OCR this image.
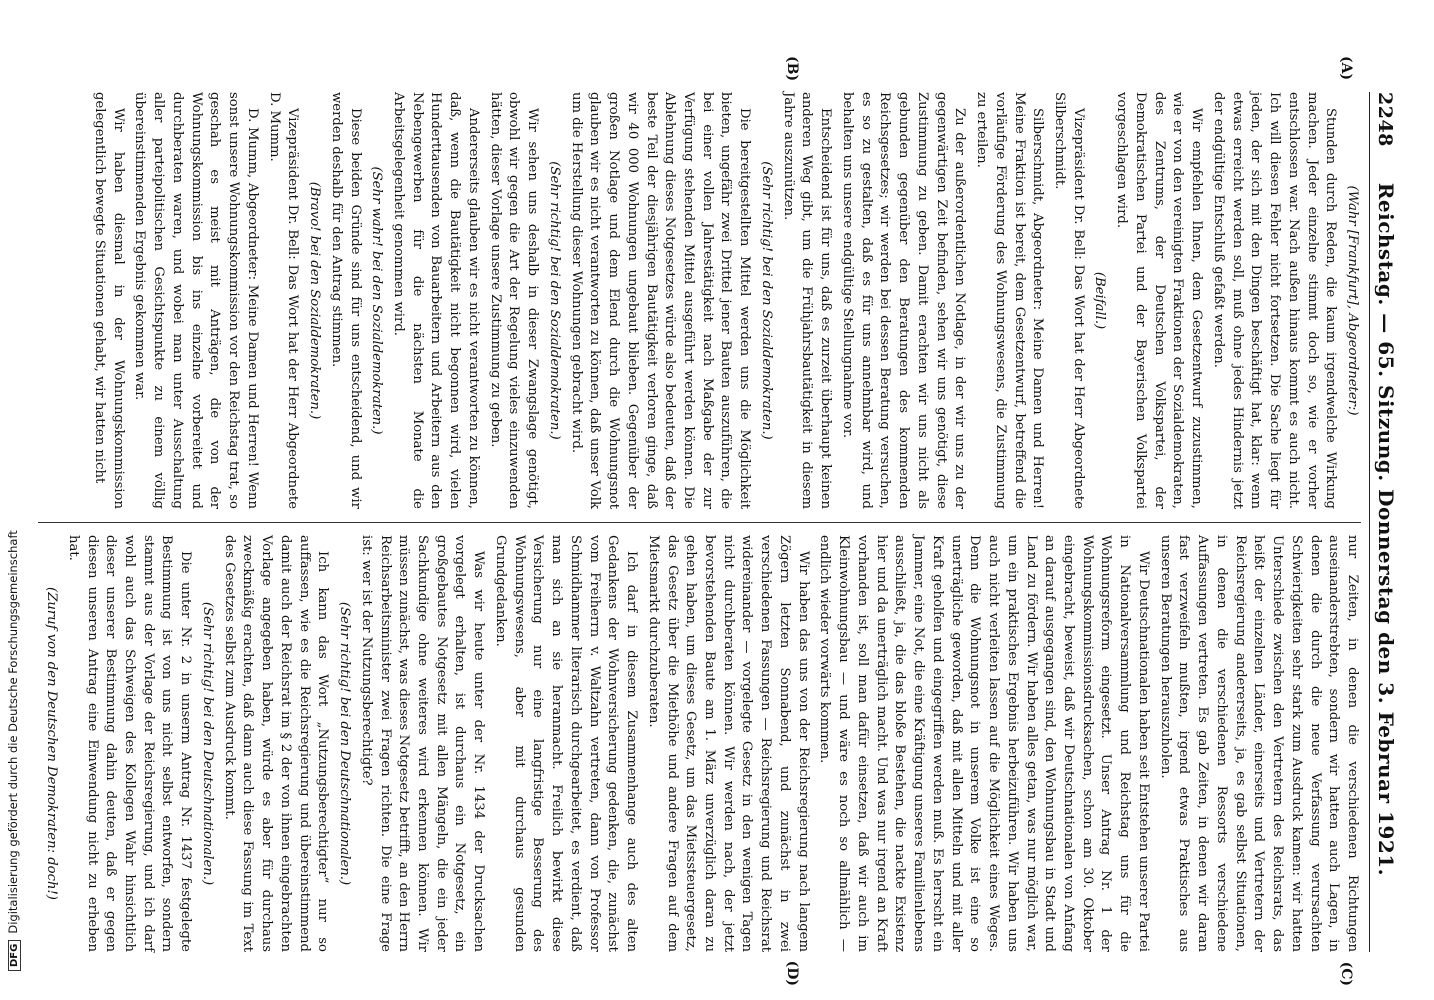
2248
Reichstag. — 65. Sitzung. Donnerstag den 3. Februar 1921.
(A)
(B)

(Wahr [Frankfurt], Abgeordneter:)

Stunden durch Reden, die kaum irgendwelche Wirkung machen. Jeder einzelne stimmt doch so, wie er vorher entschlossen war. Nach außen hinaus kommt es auch nicht. Ich will diesen Fehler nicht fortsetzen. Die Sache liegt für jeden, der sich mit den Dingen beschäftigt hat, klar: wenn etwas erreicht werden soll, muß ohne jedes Hindernis jetzt der endgültige Entschluß gefaßt werden.

Wir empfehlen Ihnen, dem Gesetzentwurf zuzustimmen, wie er von den vereinigten Fraktionen der Sozialdemokraten, des Zentrums, der Deutschen Volkspartei, der Demokratischen Partei und der Bayerischen Volkspartei vorgeschlagen wird.

(Beifall.)

Vizepräsident Dr. Bell: Das Wort hat der Herr Abgeordnete Silberschmidt.

Silberschmidt, Abgeordneter: Meine Damen und Herren! Meine Fraktion ist bereit, dem Gesetzentwurf, betreffend die vorläufige Förderung des Wohnungswesens, die Zustimmung zu erteilen.

Zu der außerordentlichen Notlage, in der wir uns zu der gegenwärtigen Zeit befinden, sehen wir uns genötigt, diese Zustimmung zu geben. Damit erachten wir uns nicht als gebunden gegenüber den Beratungen des kommenden Reichsgesetzes; wir werden bei dessen Beratung versuchen, es so zu gestalten, daß es für uns annehmbar wird, und behalten uns unsere endgültige Stellungnahme vor.

Entscheidend ist für uns, daß es zurzeit überhaupt keinen anderen Weg gibt, um die Frühjahrsbautätigkeit in diesem Jahre auszunützen.

(Sehr richtig! bei den Sozialdemokraten.)

Die bereitgestellten Mittel werden uns die Möglichkeit bieten, ungefähr zwei Drittel jener Bauten auszuführen, die bei einer vollen Jahrestätigkeit nach Maßgabe der zur Verfügung stehenden Mittel ausgeführt werden können. Die Ablehnung dieses Notgesetzes würde also bedeuten, daß der beste Teil der diesjährigen Bautätigkeit verloren ginge, daß wir 40 000 Wohnungen ungebaut blieben. Gegenüber der großen Notlage und dem Elend durch die Wohnungsnot glauben wir es nicht verantworten zu können, daß unser Volk um die Herstellung dieser Wohnungen gebracht wird.

(Sehr richtig! bei den Sozialdemokraten.)

Wir sehen uns deshalb in dieser Zwangslage genötigt, obwohl wir gegen die Art der Regelung vieles einzuwenden hätten, dieser Vorlage unsere Zustimmung zu geben.

Andererseits glauben wir es nicht verantworten zu können, daß, wenn die Bautätigkeit nicht begonnen wird, vielen Hunderttausenden von Bauarbeitern und Arbeitern aus den Nebengewerben für die nächsten Monate die Arbeitsgelegenheit genommen wird.

(Sehr wahr! bei den Sozialdemokraten.)

Diese beiden Gründe sind für uns entscheidend, und wir werden deshalb für den Antrag stimmen.

(Bravo! bei den Sozialdemokraten.)

Vizepräsident Dr. Bell: Das Wort hat der Herr Abgeordnete D. Mumm.

D. Mumm, Abgeordneter: Meine Damen und Herren! Wenn sonst unsere Wohnungskommission vor den Reichstag trat, so geschah es meist mit Anträgen, die von der Wohnungskommission bis ins einzelne vorbereitet und durchberaten waren, und wobei man unter Ausschaltung aller parteipolitischen Gesichtspunkte zu einem völlig übereinstimmenden Ergebnis gekommen war.

Wir haben diesmal in der Wohnungskommission gelegentlich bewegte Situationen gehabt, wir hatten nicht

(C)
(D)

nur Zeiten, in denen die verschiedenen Richtungen auseinanderstrebten, sondern wir hatten auch Lagen, in denen die durch die neue Verfassung verursachten Schwierigkeiten sehr stark zum Ausdruck kamen: wir hatten Unterschiede zwischen den Vertretern des Reichsrats, das heißt der einzelnen Länder, einerseits und Vertretern der Reichsregierung andererseits, ja, es gab selbst Situationen, in denen die verschiedenen Ressorts verschiedene Auffassungen vertreten. Es gab Zeiten, in denen wir daran fast verzweifeln mußten, irgend etwas Praktisches aus unseren Beratungen herauszuholen.

Wir Deutschnationalen haben seit Entstehen unserer Partei in Nationalversammlung und Reichstag uns für die Wohnungsreform eingesetzt. Unser Antrag Nr. 1 der Wohnungskommissionsdrucksachen, schon am 30. Oktober eingebracht, beweist, daß wir Deutschnationalen von Anfang an darauf ausgegangen sind, den Wohnungsbau in Stadt und Land zu fördern. Wir haben alles getan, was nur möglich war, um ein praktisches Ergebnis herbeizuführen. Wir haben uns auch nicht verleiten lassen auf die Möglichkeit eines Weges. Denn die Wohnungsnot in unserem Volke ist eine so unerträgliche geworden, daß mit allen Mitteln und mit aller Kraft geholfen und eingegriffen werden muß. Es herrscht ein Jammer, eine Not, die eine Kräftigung unseres Familienlebens ausschließt, ja, die das bloße Bestehen, die nackte Existenz hier und da unerträglich macht. Und was nur irgend an Kraft vorhanden ist, soll man dafür einsetzen, daß wir auch im Kleinwohnungsbau — und wäre es noch so allmählich — endlich wieder vorwärts kommen.

Wir haben das uns von der Reichsregierung nach langem Zögern letzten Sonnabend, und zunächst in zwei verschiedenen Fassungen — Reichsregierung und Reichsrat widereinander — vorgelegte Gesetz in den wenigen Tagen nicht durchberaten können. Wir werden nach, der jetzt bevorstehenden Baute am 1. März unverzüglich daran zu gehen haben, um dieses Gesetz, um das Mietssteuergesetz, das Gesetz über die Miethöhe und andere Fragen auf dem Mietsmarkt durchzuberaten.

Ich darf in diesem Zusammenhange auch des alten Gedankens der Wohnversicherung gedenken, die, zunächst vom Freiherrn v. Waltzahn vertreten, dann von Professor Schmidhammer literarisch durchgearbeitet, es verdient, daß man sich an sie heranmacht. Freilich bewirkt diese Versicherung nur eine langfristige Besserung des Wohnungswesens, aber mit durchaus gesunden Grundgedanken.

Was wir heute unter der Nr. 1434 der Drucksachen vorgelegt erhalten, ist durchaus ein Notgesetz, ein großgebautes Notgesetz mit allen Mängeln, die ein jeder Sachkundige ohne weiteres wird erkennen können. Wir müssen zunächst, was dieses Notgesetz betrifft, an den Herrn Reichsarbeitsminister zwei Fragen richten. Die eine Frage ist: wer ist der Nutzungsberechtigte?

(Sehr richtig! bei den Deutschnationalen.)

Ich kann das Wort „Nutzungsberechtigter“ nur so auffassen, wie es die Reichsregierung und übereinstimmend damit auch der Reichsrat im § 2 der von ihnen eingebrachten Vorlage angegeben haben, würde es aber für durchaus zweckmäßig erachten, daß dann auch diese Fassung im Text des Gesetzes selbst zum Ausdruck kommt.

(Sehr richtig! bei den Deutschnationalen.)

Die unter Nr. 2 in unserm Antrag Nr. 1437 festgelegte Bestimmung ist von uns nicht selbst entworfen, sondern stammt aus der Vorlage der Reichsregierung, und ich darf wohl auch das Schweigen des Kollegen Wahr hinsichtlich dieser unserer Bestimmung dahin deuten, daß er gegen diesen unseren Antrag eine Einwendung nicht zu erheben hat.

(Zuruf von den Deutschen Demokraten: doch!)

DFGDigitalisierung gefördert durch die Deutsche Forschungsgemeinschaft
